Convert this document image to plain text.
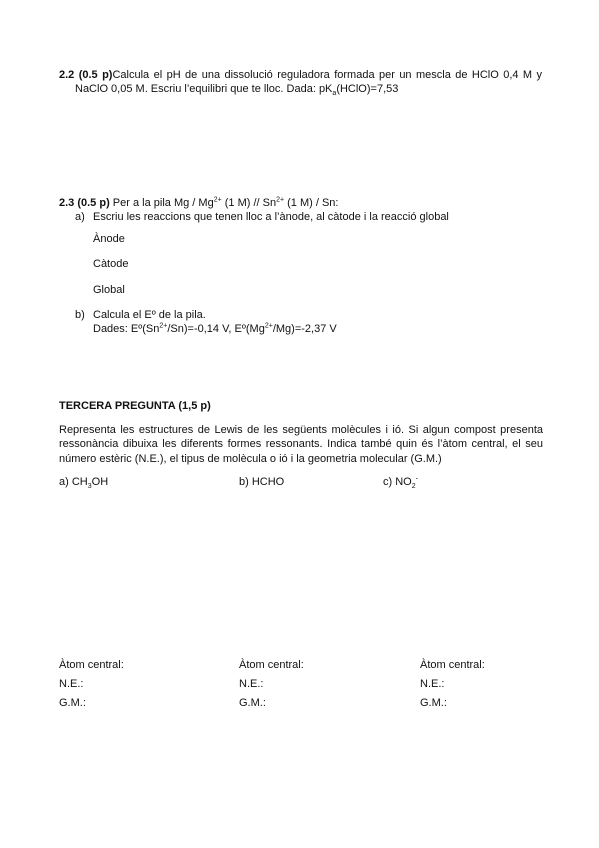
2.2 (0.5 p)Calcula el pH de una dissolució reguladora formada per un mescla de HClO 0,4 M y
NaClO 0,05 M. Escriu l’equilibri que te lloc. Dada: $pK_a(HClO)=7,53$
2.3 (0.5 p) Per a la pila Mg / $Mg^{2+}$ (1 $M) // Sn^{2+}$ (1 M) / Sn:
a) Escriu les reaccions que tenen lloc a l’ànode, al càtode i la reacció global
Ànode
Càtode
Global
b) Calcula el Eº de la pila.
Dades: $Eº(Sn^{2+}/Sn)=-0,14$ V, $Eº(Mg^{2+}/Mg)=-2,37$ V
TERCERA PREGUNTA (1,5 p)
Representa les estructures de Lewis de les següents molècules i ió. Si algun compost presenta ressonància dibuixa les diferents formes ressonants. Indica també quin és l’àtom central, el seu número estèric (N.E.), el tipus de molècula o ió i la geometria molecular (G.M.)
a) $CH_3OH$	b) HCHO	c) $NO_2^-$
Àtom central:
N.E.:
G.M.:
Àtom central:
N.E.:
G.M.:
Àtom central:
N.E.:
G.M.:
